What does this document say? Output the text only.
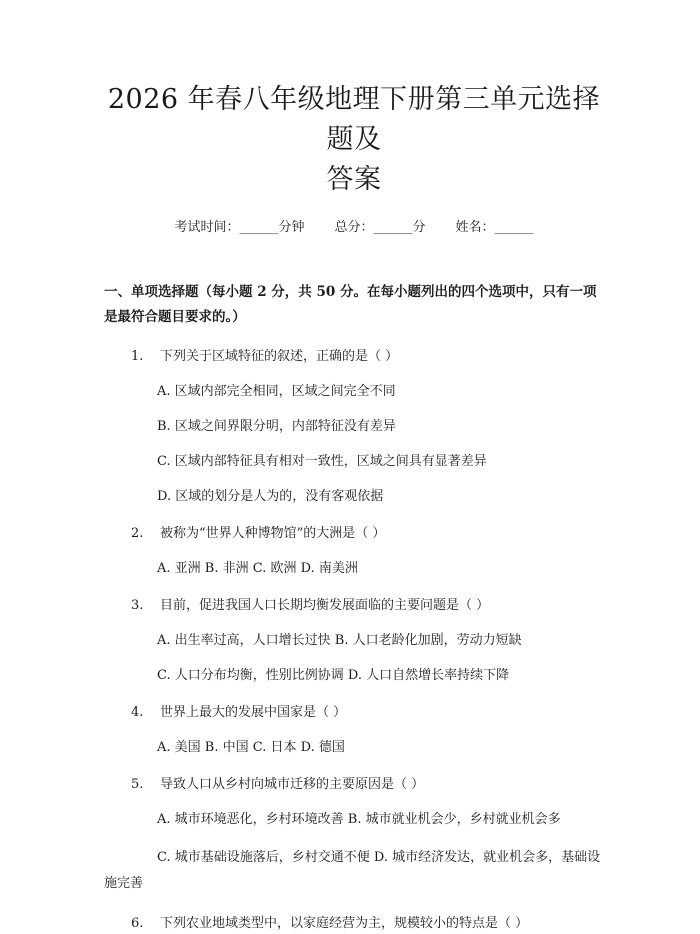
2026 年春八年级地理下册第三单元选择题及
答案
考试时间：______分钟 总分：______分 姓名：______
一、单项选择题（每小题 2 分，共 50 分。在每小题列出的四个选项中，只有一项是最符合题目要求的。）
1.	下列关于区域特征的叙述，正确的是（ ）
A. 区域内部完全相同，区域之间完全不同
B. 区域之间界限分明，内部特征没有差异
C. 区域内部特征具有相对一致性，区域之间具有显著差异
D. 区域的划分是人为的，没有客观依据
2.	被称为“世界人种博物馆”的大洲是（ ）
A. 亚洲 B. 非洲 C. 欧洲 D. 南美洲
3.	目前，促进我国人口长期均衡发展面临的主要问题是（ ）
A. 出生率过高，人口增长过快 B. 人口老龄化加剧，劳动力短缺
C. 人口分布均衡，性别比例协调 D. 人口自然增长率持续下降
4.	世界上最大的发展中国家是（ ）
A. 美国 B. 中国 C. 日本 D. 德国
5.	导致人口从乡村向城市迁移的主要原因是（ ）
A. 城市环境恶化，乡村环境改善 B. 城市就业机会少，乡村就业机会多
C. 城市基础设施落后，乡村交通不便 D. 城市经济发达，就业机会多，基础设施完善
6.	下列农业地域类型中，以家庭经营为主，规模较小的特点是（ ）
